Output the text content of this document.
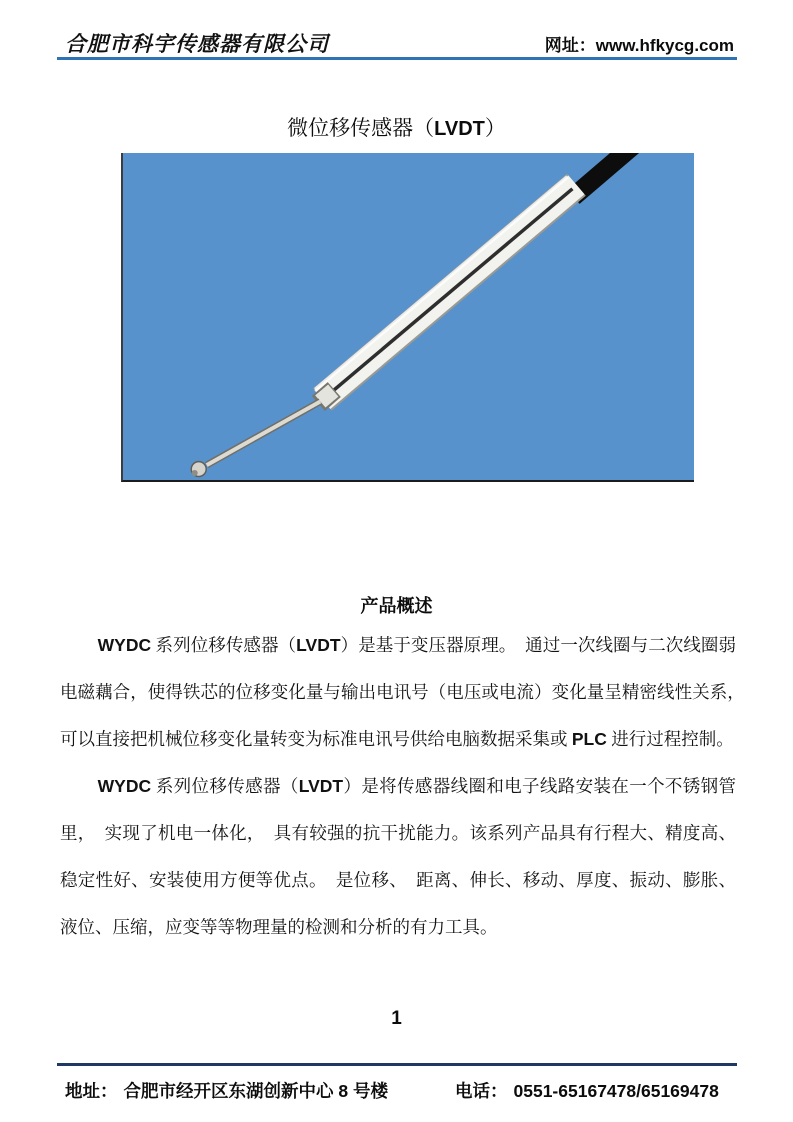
合肥市科宇传感器有限公司	网址：www.hfkycg.com
微位移传感器（LVDT）
产品概述

WYDC 系列位移传感器（LVDT）是基于变压器原理。　通过一次线圈与二次线圈弱电磁藕合，使得铁芯的位移变化量与输出电讯号（电压或电流）变化量呈精密线性关系，　　可以直接把机械位移变化量转变为标准电讯号供给电脑数据采集或 PLC 进行过程控制。

WYDC 系列位移传感器（LVDT）是将传感器线圈和电子线路安装在一个不锈钢管里，　实现了机电一体化，　具有较强的抗干扰能力。该系列产品具有行程大、精度高、稳定性好、安装使用方便等优点。　是位移、　距离、伸长、移动、厚度、振动、膨胀、液位、压缩，应变等等物理量的检测和分析的有力工具。

1
地址： 合肥市经开区东湖创新中心 8 号楼	电话： 0551-65167478/65169478
